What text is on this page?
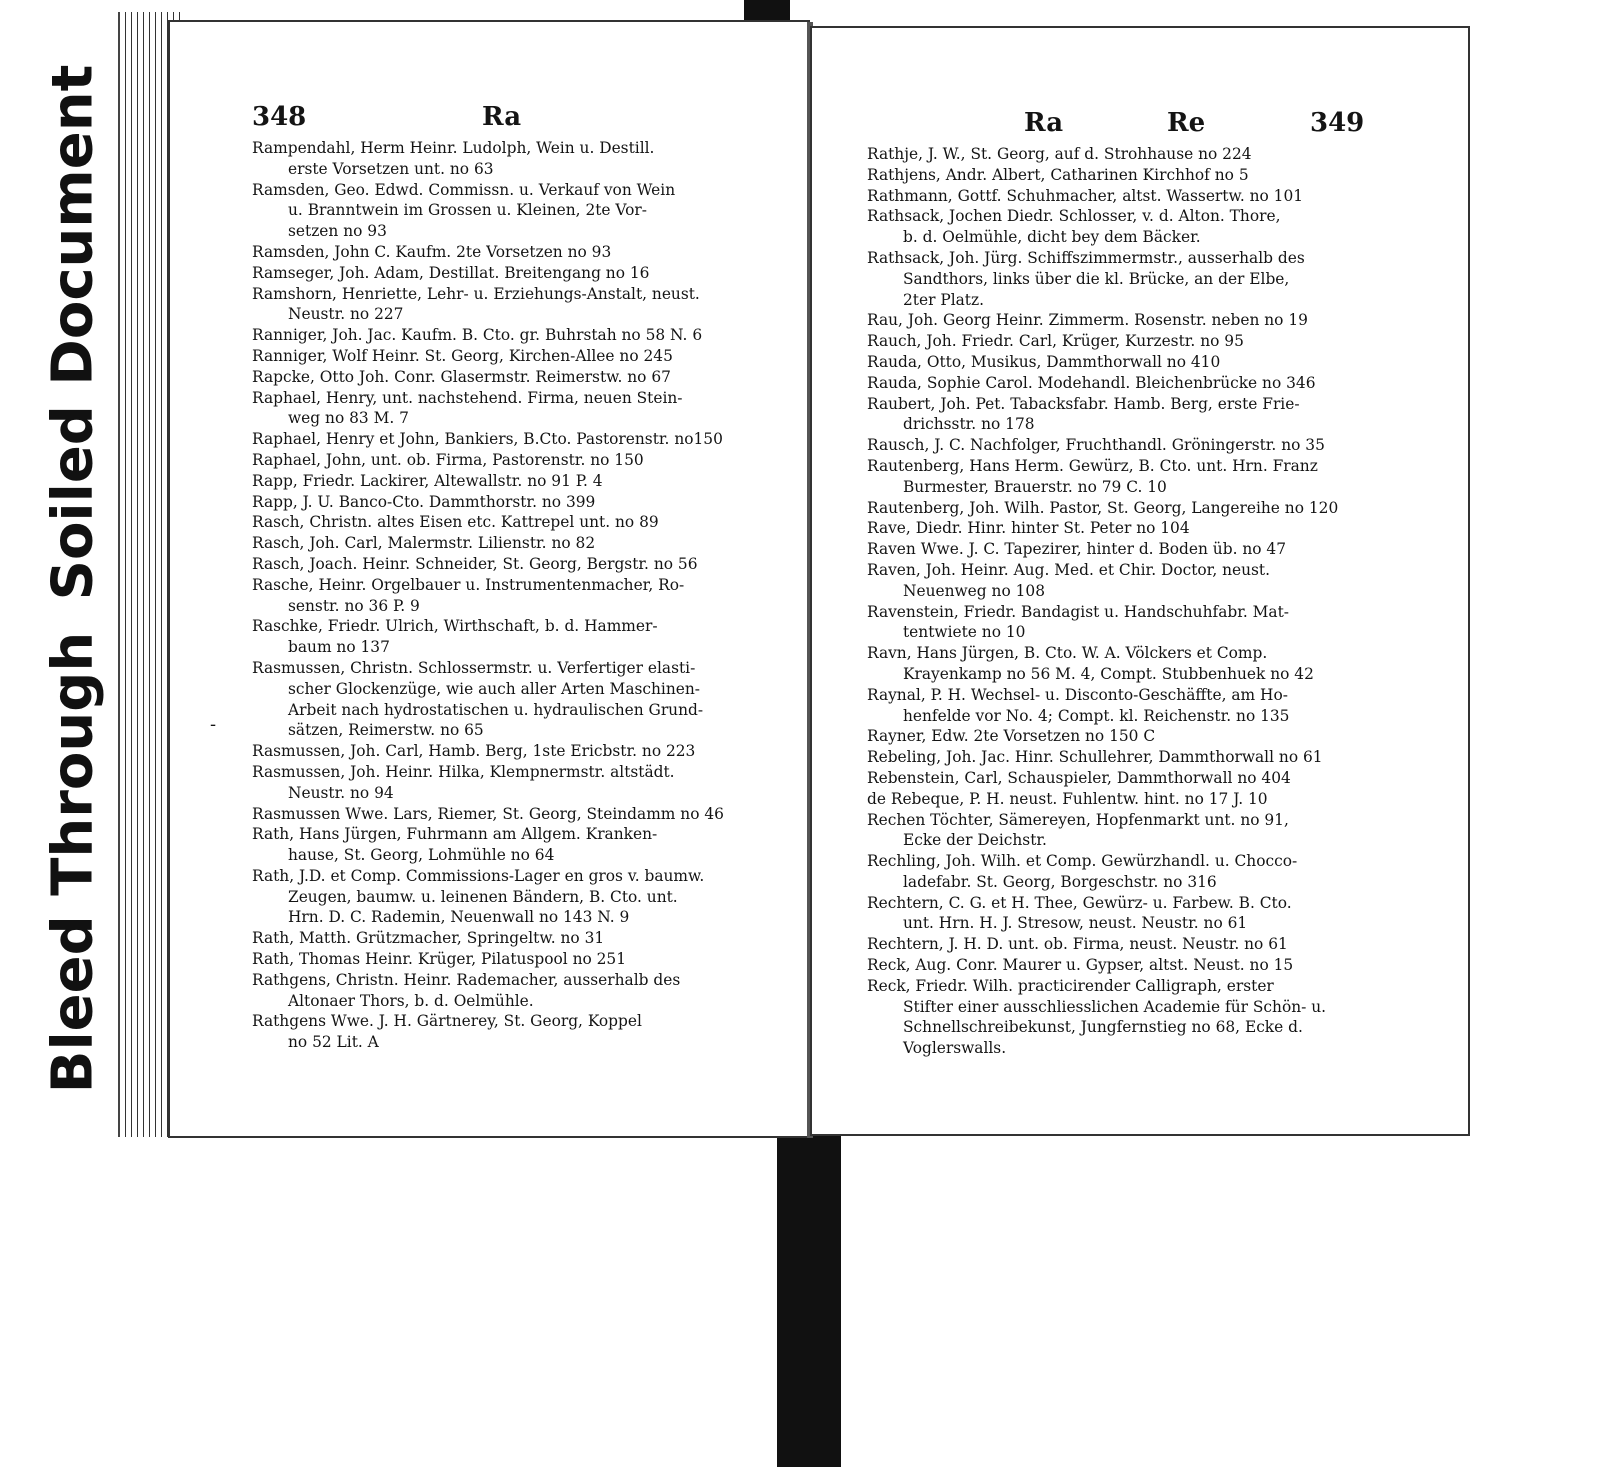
Soiled Document
Bleed Through
348	Ra
Rampendahl, Herm Heinr. Ludolph, Wein u. Destill.
erste Vorsetzen unt. no 63
Ramsden, Geo. Edwd. Commissn. u. Verkauf von Wein
u. Branntwein im Grossen u. Kleinen, 2te Vor-
setzen no 93
Ramsden, John C. Kaufm. 2te Vorsetzen no 93
Ramseger, Joh. Adam, Destillat. Breitengang no 16
Ramshorn, Henriette, Lehr- u. Erziehungs-Anstalt, neust.
Neustr. no 227
Ranniger, Joh. Jac. Kaufm. B. Cto. gr. Buhrstah no 58 N. 6
Ranniger, Wolf Heinr. St. Georg, Kirchen-Allee no 245
Rapcke, Otto Joh. Conr. Glasermstr. Reimerstw. no 67
Raphael, Henry, unt. nachstehend. Firma, neuen Stein-
weg no 83 M. 7
Raphael, Henry et John, Bankiers, B.Cto. Pastorenstr. no150
Raphael, John, unt. ob. Firma, Pastorenstr. no 150
Rapp, Friedr. Lackirer, Altewallstr. no 91 P. 4
Rapp, J. U. Banco-Cto. Dammthorstr. no 399
Rasch, Christn. altes Eisen etc. Kattrepel unt. no 89
Rasch, Joh. Carl, Malermstr. Lilienstr. no 82
Rasch, Joach. Heinr. Schneider, St. Georg, Bergstr. no 56
Rasche, Heinr. Orgelbauer u. Instrumentenmacher, Ro-
senstr. no 36 P. 9
Raschke, Friedr. Ulrich, Wirthschaft, b. d. Hammer-
baum no 137
Rasmussen, Christn. Schlossermstr. u. Verfertiger elasti-
scher Glockenzüge, wie auch aller Arten Maschinen-
Arbeit nach hydrostatischen u. hydraulischen Grund-
sätzen, Reimerstw. no 65
Rasmussen, Joh. Carl, Hamb. Berg, 1ste Ericbstr. no 223
Rasmussen, Joh. Heinr. Hilka, Klempnermstr. altstädt.
Neustr. no 94
Rasmussen Wwe. Lars, Riemer, St. Georg, Steindamm no 46
Rath, Hans Jürgen, Fuhrmann am Allgem. Kranken-
hause, St. Georg, Lohmühle no 64
Rath, J.D. et Comp. Commissions-Lager en gros v. baumw.
Zeugen, baumw. u. leinenen Bändern, B. Cto. unt.
Hrn. D. C. Rademin, Neuenwall no 143 N. 9
Rath, Matth. Grützmacher, Springeltw. no 31
Rath, Thomas Heinr. Krüger, Pilatuspool no 251
Rathgens, Christn. Heinr. Rademacher, ausserhalb des
Altonaer Thors, b. d. Oelmühle.
Rathgens Wwe. J. H. Gärtnerey, St. Georg, Koppel
no 52 Lit. A
-
Ra	Re	349
Rathje, J. W., St. Georg, auf d. Strohhause no 224
Rathjens, Andr. Albert, Catharinen Kirchhof no 5
Rathmann, Gottf. Schuhmacher, altst. Wassertw. no 101
Rathsack, Jochen Diedr. Schlosser, v. d. Alton. Thore,
b. d. Oelmühle, dicht bey dem Bäcker.
Rathsack, Joh. Jürg. Schiffszimmermstr., ausserhalb des
Sandthors, links über die kl. Brücke, an der Elbe,
2ter Platz.
Rau, Joh. Georg Heinr. Zimmerm. Rosenstr. neben no 19
Rauch, Joh. Friedr. Carl, Krüger, Kurzestr. no 95
Rauda, Otto, Musikus, Dammthorwall no 410
Rauda, Sophie Carol. Modehandl. Bleichenbrücke no 346
Raubert, Joh. Pet. Tabacksfabr. Hamb. Berg, erste Frie-
drichsstr. no 178
Rausch, J. C. Nachfolger, Fruchthandl. Gröningerstr. no 35
Rautenberg, Hans Herm. Gewürz, B. Cto. unt. Hrn. Franz
Burmester, Brauerstr. no 79 C. 10
Rautenberg, Joh. Wilh. Pastor, St. Georg, Langereihe no 120
Rave, Diedr. Hinr. hinter St. Peter no 104
Raven Wwe. J. C. Tapezirer, hinter d. Boden üb. no 47
Raven, Joh. Heinr. Aug. Med. et Chir. Doctor, neust.
Neuenweg no 108
Ravenstein, Friedr. Bandagist u. Handschuhfabr. Mat-
tentwiete no 10
Ravn, Hans Jürgen, B. Cto. W. A. Völckers et Comp.
Krayenkamp no 56 M. 4, Compt. Stubbenhuek no 42
Raynal, P. H. Wechsel- u. Disconto-Geschäffte, am Ho-
henfelde vor No. 4; Compt. kl. Reichenstr. no 135
Rayner, Edw. 2te Vorsetzen no 150 C
Rebeling, Joh. Jac. Hinr. Schullehrer, Dammthorwall no 61
Rebenstein, Carl, Schauspieler, Dammthorwall no 404
de Rebeque, P. H. neust. Fuhlentw. hint. no 17 J. 10
Rechen Töchter, Sämereyen, Hopfenmarkt unt. no 91,
Ecke der Deichstr.
Rechling, Joh. Wilh. et Comp. Gewürzhandl. u. Chocco-
ladefabr. St. Georg, Borgeschstr. no 316
Rechtern, C. G. et H. Thee, Gewürz- u. Farbew. B. Cto.
unt. Hrn. H. J. Stresow, neust. Neustr. no 61
Rechtern, J. H. D. unt. ob. Firma, neust. Neustr. no 61
Reck, Aug. Conr. Maurer u. Gypser, altst. Neust. no 15
Reck, Friedr. Wilh. practicirender Calligraph, erster
Stifter einer ausschliesslichen Academie für Schön- u.
Schnellschreibekunst, Jungfernstieg no 68, Ecke d.
Voglerswalls.
